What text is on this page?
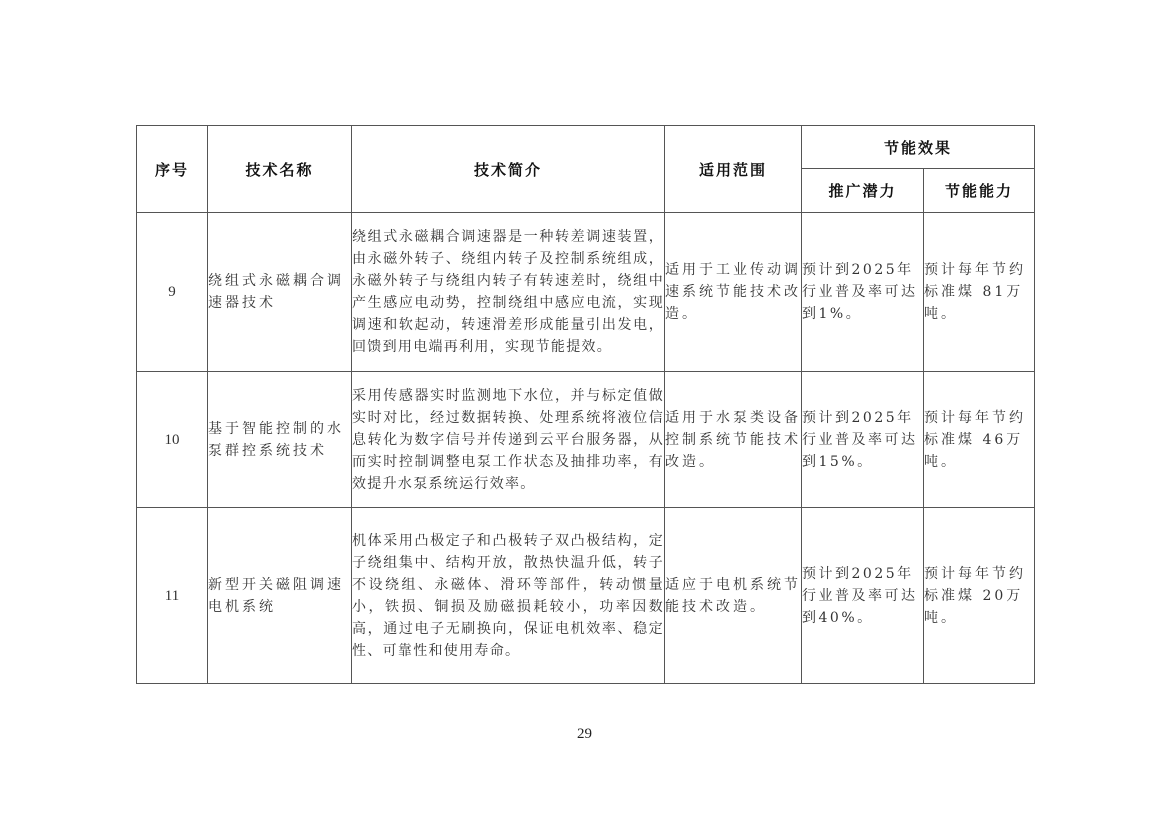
序号	技术名称	技术简介	适用范围	节能效果	
				推广潜力	节能能力
9	绕组式永磁耦合调速器技术	绕组式永磁耦合调速器是一种转差调速装置，由永磁外转子、绕组内转子及控制系统组成，永磁外转子与绕组内转子有转速差时，绕组中产生感应电动势，控制绕组中感应电流，实现调速和软起动，转速滑差形成能量引出发电，回馈到用电端再利用，实现节能提效。	适用于工业传动调速系统节能技术改造。	预计到2025年行业普及率可达到1%。	预计每年节约标准煤 81万吨。
10	基于智能控制的水泵群控系统技术	采用传感器实时监测地下水位，并与标定值做实时对比，经过数据转换、处理系统将液位信息转化为数字信号并传递到云平台服务器，从而实时控制调整电泵工作状态及抽排功率，有效提升水泵系统运行效率。	适用于水泵类设备控制系统节能技术改造。	预计到2025年行业普及率可达到15%。	预计每年节约标准煤 46万吨。
11	新型开关磁阻调速电机系统	机体采用凸极定子和凸极转子双凸极结构，定子绕组集中、结构开放，散热快温升低，转子不设绕组、永磁体、滑环等部件，转动惯量小，铁损、铜损及励磁损耗较小，功率因数高，通过电子无刷换向，保证电机效率、稳定性、可靠性和使用寿命。	适应于电机系统节能技术改造。	预计到2025年行业普及率可达到40%。	预计每年节约标准煤 20万吨。
29
